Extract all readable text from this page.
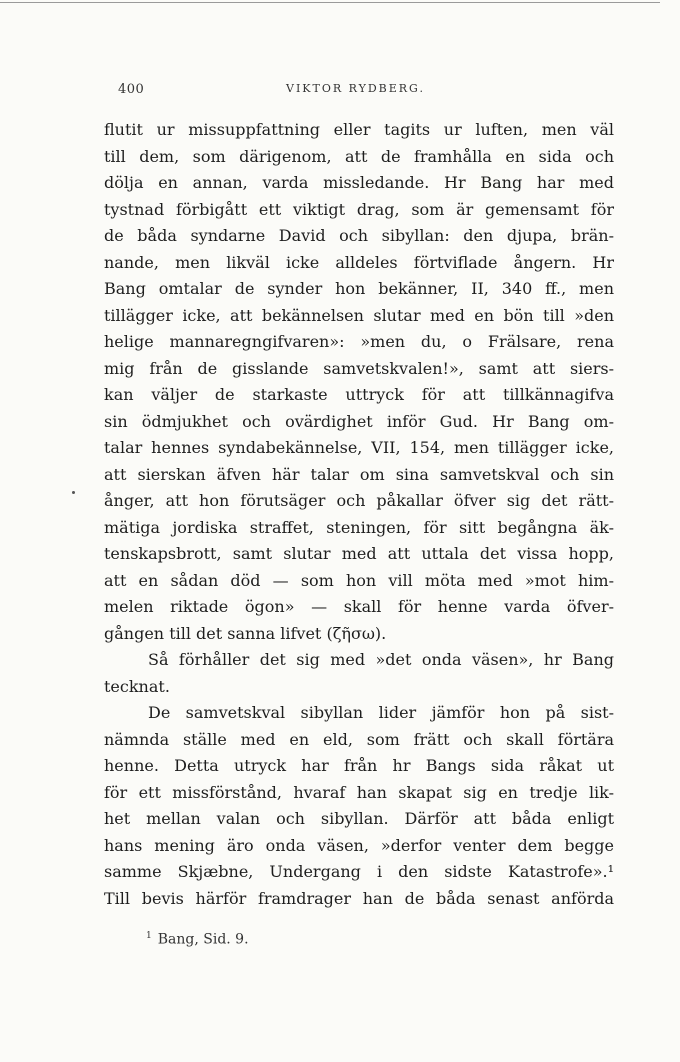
400	VIKTOR RYDBERG.
flutit ur missuppfattning eller tagits ur luften, men väl
till dem, som därigenom, att de framhålla en sida och
dölja en annan, varda missledande. Hr Bang har med
tystnad förbigått ett viktigt drag, som är gemensamt för
de båda syndarne David och sibyllan: den djupa, brän-
nande, men likväl icke alldeles förtviflade ångern. Hr
Bang omtalar de synder hon bekänner, II, 340 ff., men
tillägger icke, att bekännelsen slutar med en bön till »den
helige mannaregngifvaren»: »men du, o Frälsare, rena
mig från de gisslande samvetskvalen!», samt att siers-
kan väljer de starkaste uttryck för att tillkännagifva
sin ödmjukhet och ovärdighet inför Gud. Hr Bang om-
talar hennes syndabekännelse, VII, 154, men tillägger icke,
att sierskan äfven här talar om sina samvetskval och sin
ånger, att hon förutsäger och påkallar öfver sig det rätt-
mätiga jordiska straffet, steningen, för sitt begångna äk-
tenskapsbrott, samt slutar med att uttala det vissa hopp,
att en sådan död — som hon vill möta med »mot him-
melen riktade ögon» — skall för henne varda öfver-
gången till det sanna lifvet (ζῆσω).
Så förhåller det sig med »det onda väsen», hr Bang
tecknat.
De samvetskval sibyllan lider jämför hon på sist-
nämnda ställe med en eld, som frätt och skall förtära
henne. Detta utryck har från hr Bangs sida råkat ut
för ett missförstånd, hvaraf han skapat sig en tredje lik-
het mellan valan och sibyllan. Därför att båda enligt
hans mening äro onda väsen, »derfor venter dem begge
samme Skjæbne, Undergang i den sidste Katastrofe».¹
Till bevis härför framdrager han de båda senast anförda
$^1$ Bang, Sid. 9.
